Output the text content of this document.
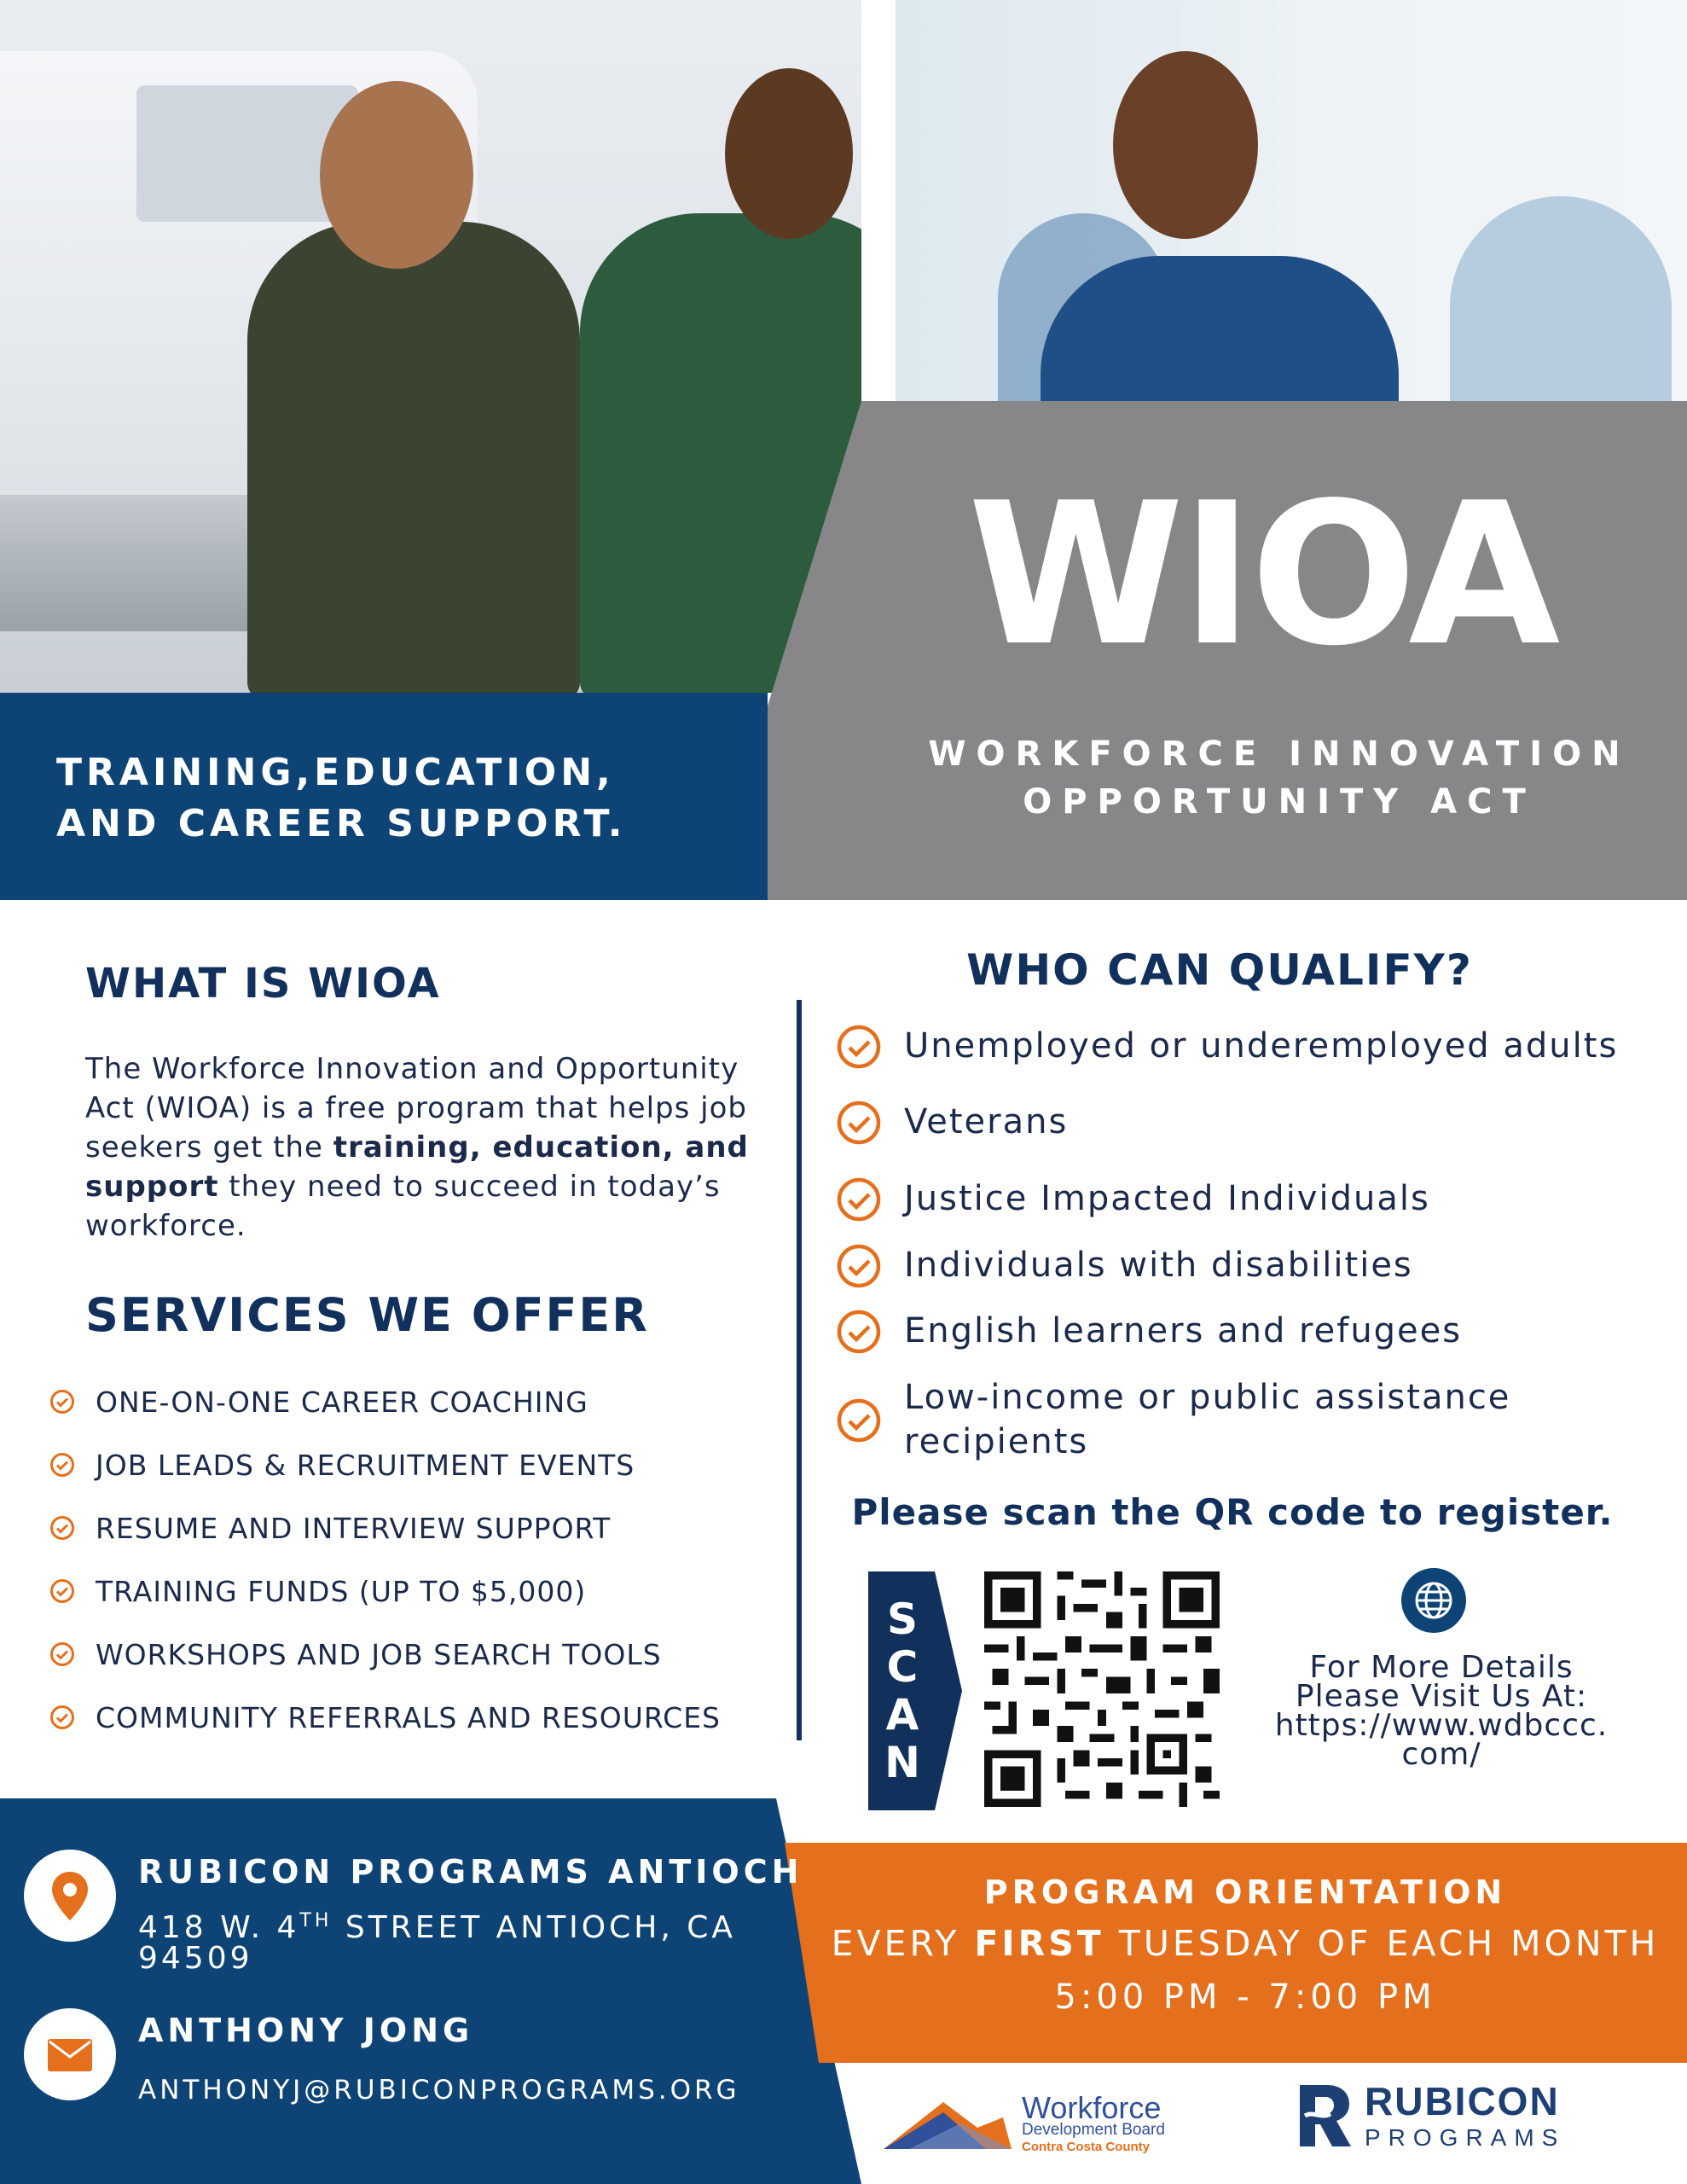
TRAINING,EDUCATION,
AND CAREER SUPPORT.
WIOA
WORKFORCE INNOVATION
OPPORTUNITY ACT
WHAT IS WIOA
The Workforce Innovation and Opportunity Act (WIOA) is a free program that helps job seekers get the training, education, and support they need to succeed in today’s workforce.
SERVICES WE OFFER
ONE-ON-ONE CAREER COACHING
JOB LEADS & RECRUITMENT EVENTS
RESUME AND INTERVIEW SUPPORT
TRAINING FUNDS (UP TO $5,000)
WORKSHOPS AND JOB SEARCH TOOLS
COMMUNITY REFERRALS AND RESOURCES
WHO CAN QUALIFY?
Unemployed or underemployed adults
Veterans
Justice Impacted Individuals
Individuals with disabilities
English learners and refugees
Low-income or public assistance recipients
Please scan the QR code to register.
S
C
A
N
For More Details
Please Visit Us At:
https://www.wdbccc.
com/
RUBICON PROGRAMS ANTIOCH
418 W. 4TH STREET ANTIOCH, CA 94509
ANTHONY JONG
ANTHONYJ@RUBICONPROGRAMS.ORG
PROGRAM ORIENTATION
EVERY FIRST TUESDAY OF EACH MONTH
5:00 PM - 7:00 PM
Workforce
Development Board
Contra Costa County
RUBICON
PROGRAMS
